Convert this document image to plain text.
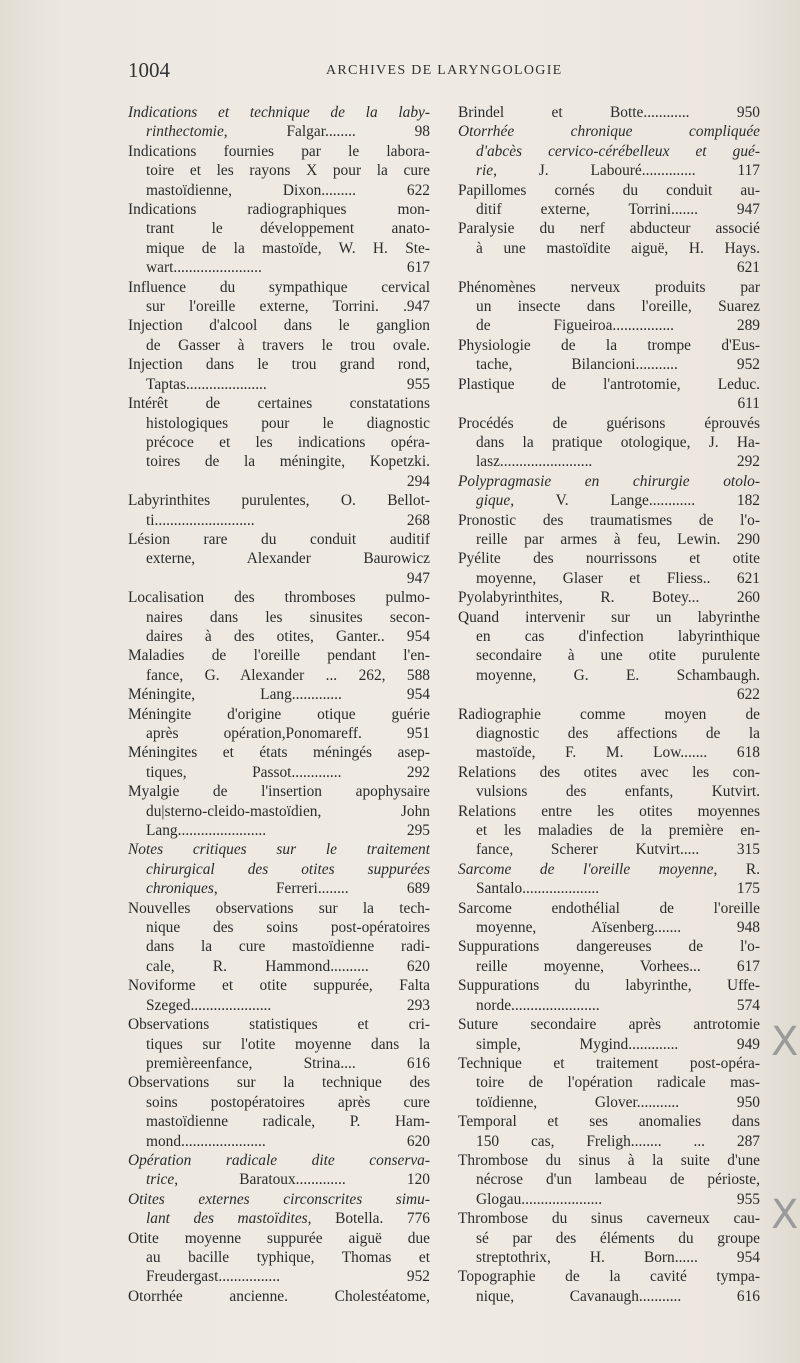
1004	ARCHIVES DE LARYNGOLOGIE
Indications et technique de la laby-
rinthectomie, Falgar........ 98
Indications fournies par le labora-
toire et les rayons X pour la cure
mastoïdienne, Dixon......... 622
Indications radiographiques mon-
trant le développement anato-
mique de la mastoïde, W. H. Ste-
wart....................... 617
Influence du sympathique cervical
sur l'oreille externe, Torrini. .947
Injection d'alcool dans le ganglion
de Gasser à travers le trou ovale.
Injection dans le trou grand rond,
Taptas..................... 955
Intérêt de certaines constatations
histologiques pour le diagnostic
précoce et les indications opéra-
toires de la méningite, Kopetzki.
294
Labyrinthites purulentes, O. Bellot-
ti.......................... 268
Lésion rare du conduit auditif
externe, Alexander Baurowicz
947
Localisation des thromboses pulmo-
naires dans les sinusites secon-
daires à des otites, Ganter.. 954
Maladies de l'oreille pendant l'en-
fance, G. Alexander ... 262, 588
Méningite, Lang............. 954
Méningite d'origine otique guérie
après opération,Ponomareff. 951
Méningites et états méningés asep-
tiques, Passot............. 292
Myalgie de l'insertion apophysaire
du|sterno-cleido-mastoïdien, John
Lang....................... 295
Notes critiques sur le traitement
chirurgical des otites suppurées
chroniques, Ferreri........ 689
Nouvelles observations sur la tech-
nique des soins post-opératoires
dans la cure mastoïdienne radi-
cale, R. Hammond.......... 620
Noviforme et otite suppurée, Falta
Szeged..................... 293
Observations statistiques et cri-
tiques sur l'otite moyenne dans la
premièreenfance, Strina.... 616
Observations sur la technique des
soins postopératoires après cure
mastoïdienne radicale, P. Ham-
mond...................... 620
Opération radicale dite conserva-
trice, Baratoux............. 120
Otites externes circonscrites simu-
lant des mastoïdites, Botella. 776
Otite moyenne suppurée aiguë due
au bacille typhique, Thomas et
Freudergast................ 952
Otorrhée ancienne. Cholestéatome,
Brindel et Botte............ 950
Otorrhée chronique compliquée
d'abcès cervico-cérébelleux et gué-
rie, J. Labouré.............. 117
Papillomes cornés du conduit au-
ditif externe, Torrini....... 947
Paralysie du nerf abducteur associé
à une mastoïdite aiguë, H. Hays.
621
Phénomènes nerveux produits par
un insecte dans l'oreille, Suarez
de Figueiroa................ 289
Physiologie de la trompe d'Eus-
tache, Bilancioni........... 952
Plastique de l'antrotomie, Leduc.
611
Procédés de guérisons éprouvés
dans la pratique otologique, J. Ha-
lasz........................ 292
Polypragmasie en chirurgie otolo-
gique, V. Lange............ 182
Pronostic des traumatismes de l'o-
reille par armes à feu, Lewin. 290
Pyélite des nourrissons et otite
moyenne, Glaser et Fliess.. 621
Pyolabyrinthites, R. Botey... 260
Quand intervenir sur un labyrinthe
en cas d'infection labyrinthique
secondaire à une otite purulente
moyenne, G. E. Schambaugh.
622
Radiographie comme moyen de
diagnostic des affections de la
mastoïde, F. M. Low....... 618
Relations des otites avec les con-
vulsions des enfants, Kutvirt.
Relations entre les otites moyennes
et les maladies de la première en-
fance, Scherer Kutvirt..... 315
Sarcome de l'oreille moyenne, R.
Santalo.................... 175
Sarcome endothélial de l'oreille
moyenne, Aïsenberg....... 948
Suppurations dangereuses de l'o-
reille moyenne, Vorhees... 617
Suppurations du labyrinthe, Uffe-
norde....................... 574
Suture secondaire après antrotomie
simple, Mygind............. 949
Technique et traitement post-opéra-
toire de l'opération radicale mas-
toïdienne, Glover........... 950
Temporal et ses anomalies dans
150 cas, Freligh........ ... 287
Thrombose du sinus à la suite d'une
nécrose d'un lambeau de périoste,
Glogau..................... 955
Thrombose du sinus caverneux cau-
sé par des éléments du groupe
streptothrix, H. Born...... 954
Topographie de la cavité tympa-
nique, Cavanaugh........... 616
X
X
